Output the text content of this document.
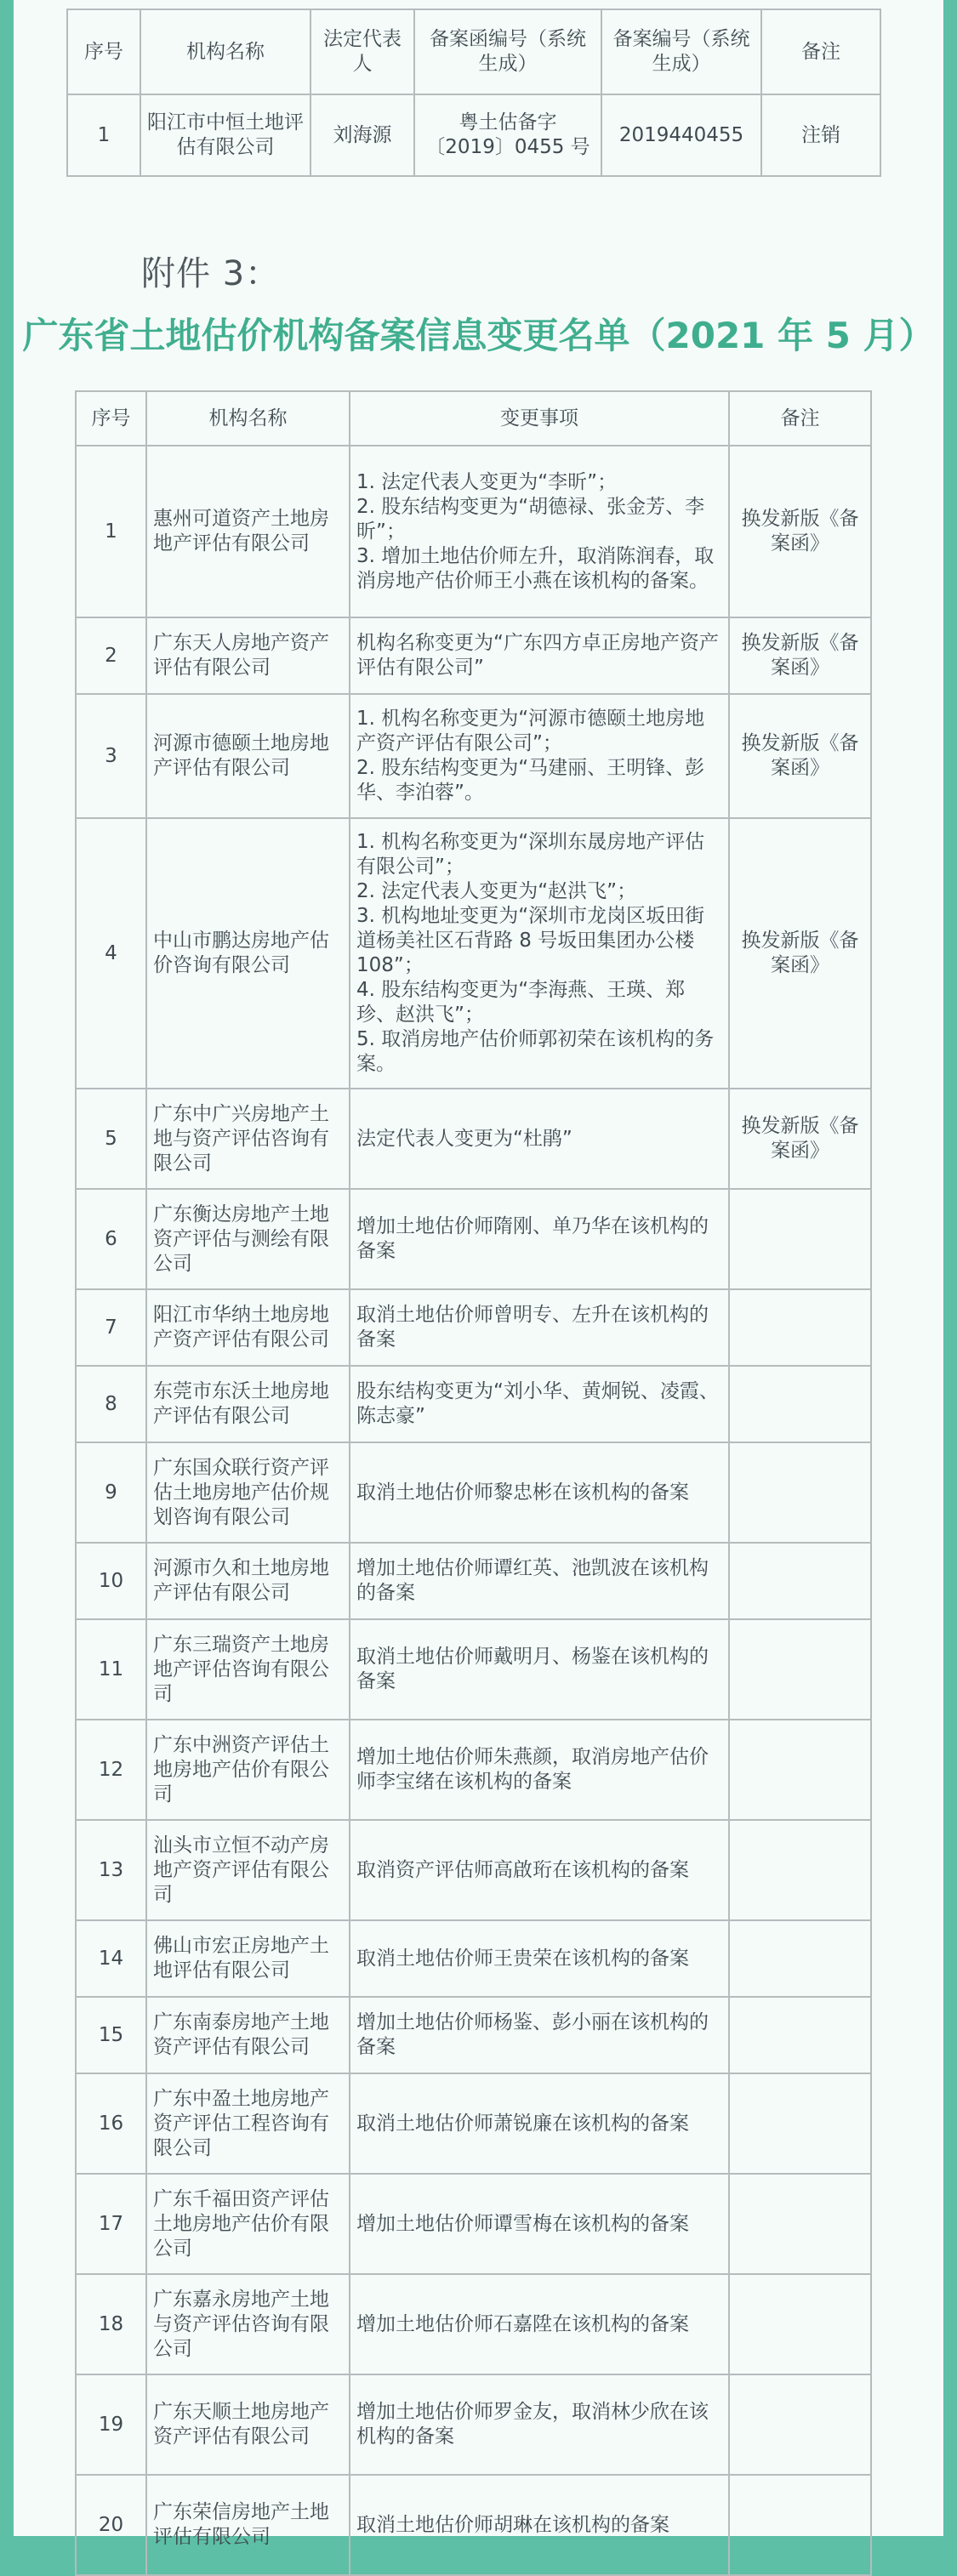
序号	机构名称	法定代表人	备案函编号（系统生成）	备案编号（系统生成）	备注
1	阳江市中恒土地评估有限公司	刘海源	粤土估备字〔2019〕0455 号	2019440455	注销
附件 3：
广东省土地估价机构备案信息变更名单（2021 年 5 月）
序号	机构名称	变更事项	备注
1	惠州可道资产土地房地产评估有限公司	1. 法定代表人变更为“李昕”；
2. 股东结构变更为“胡德禄、张金芳、李昕”；
3. 增加土地估价师左升，取消陈润春，取消房地产估价师王小燕在该机构的备案。	换发新版《备案函》
2	广东天人房地产资产评估有限公司	机构名称变更为“广东四方卓正房地产资产评估有限公司”	换发新版《备案函》
3	河源市德颐土地房地产评估有限公司	1. 机构名称变更为“河源市德颐土地房地产资产评估有限公司”；
2. 股东结构变更为“马建丽、王明锋、彭华、李泊蓉”。	换发新版《备案函》
4	中山市鹏达房地产估价咨询有限公司	1. 机构名称变更为“深圳东晟房地产评估有限公司”；
2. 法定代表人变更为“赵洪飞”；
3. 机构地址变更为“深圳市龙岗区坂田街道杨美社区石背路 8 号坂田集团办公楼 108”；
4. 股东结构变更为“李海燕、王瑛、郑珍、赵洪飞”；
5. 取消房地产估价师郭初荣在该机构的务案。	换发新版《备案函》
5	广东中广兴房地产土地与资产评估咨询有限公司	法定代表人变更为“杜鹃”	换发新版《备案函》
6	广东衡达房地产土地资产评估与测绘有限公司	增加土地估价师隋刚、单乃华在该机构的备案	

7	阳江市华纳土地房地产资产评估有限公司	取消土地估价师曾明专、左升在该机构的备案	

8	东莞市东沃土地房地产评估有限公司	股东结构变更为“刘小华、黄炯锐、凌霞、陈志豪”	

9	广东国众联行资产评估土地房地产估价规划咨询有限公司	取消土地估价师黎忠彬在该机构的备案	

10	河源市久和土地房地产评估有限公司	增加土地估价师谭红英、池凯波在该机构的备案	

11	广东三瑞资产土地房地产评估咨询有限公司	取消土地估价师戴明月、杨鉴在该机构的备案	

12	广东中洲资产评估土地房地产估价有限公司	增加土地估价师朱燕颜，取消房地产估价师李宝绪在该机构的备案	

13	汕头市立恒不动产房地产资产评估有限公司	取消资产评估师高啟珩在该机构的备案	

14	佛山市宏正房地产土地评估有限公司	取消土地估价师王贵荣在该机构的备案	

15	广东南泰房地产土地资产评估有限公司	增加土地估价师杨鉴、彭小丽在该机构的备案	

16	广东中盈土地房地产资产评估工程咨询有限公司	取消土地估价师萧锐廉在该机构的备案	

17	广东千福田资产评估土地房地产估价有限公司	增加土地估价师谭雪梅在该机构的备案	

18	广东嘉永房地产土地与资产评估咨询有限公司	增加土地估价师石嘉陞在该机构的备案	

19	广东天顺土地房地产资产评估有限公司	增加土地估价师罗金友，取消林少欣在该机构的备案	

20	广东荣信房地产土地评估有限公司	取消土地估价师胡琳在该机构的备案	
